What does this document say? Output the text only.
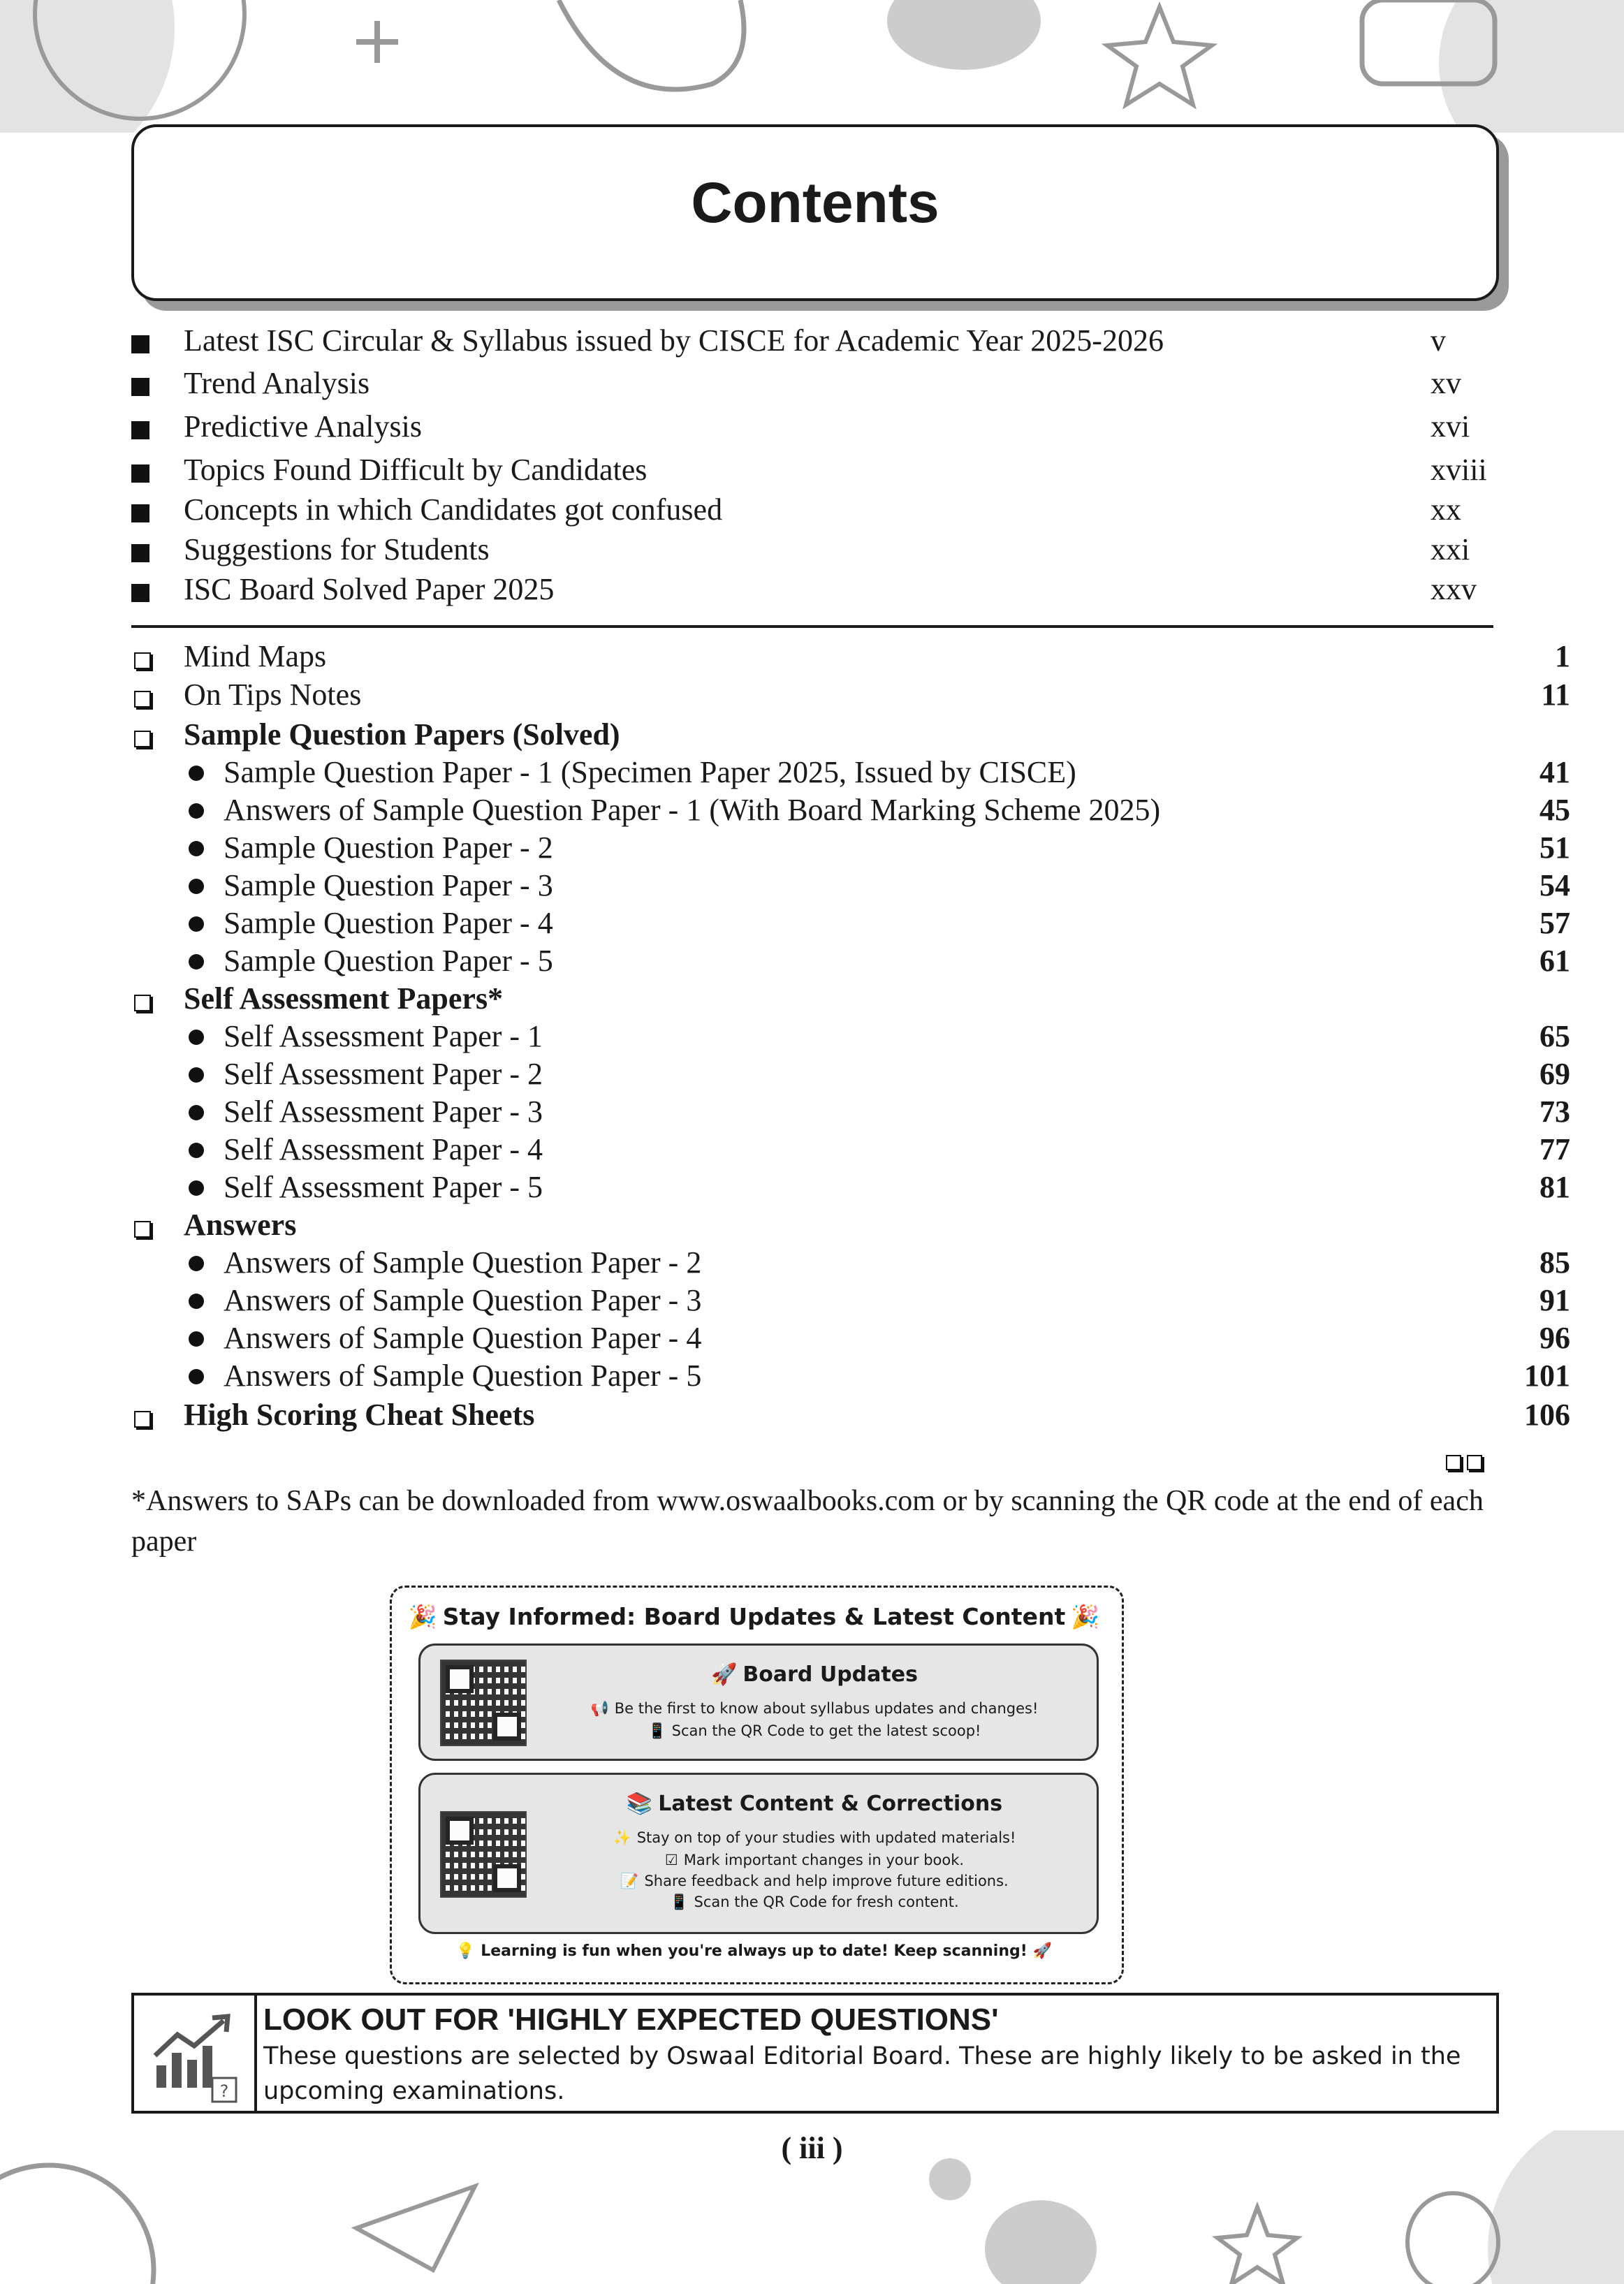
Contents
Latest ISC Circular & Syllabus issued by CISCE for Academic Year 2025-2026	v
Trend Analysis	xv
Predictive Analysis	xvi
Topics Found Difficult by Candidates	xviii
Concepts in which Candidates got confused	xx
Suggestions for Students	xxi
ISC Board Solved Paper 2025	xxv
Mind Maps	1
On Tips Notes	11
Sample Question Papers (Solved)
Sample Question Paper - 1 (Specimen Paper 2025, Issued by CISCE)	41
Answers of Sample Question Paper - 1 (With Board Marking Scheme 2025)	45
Sample Question Paper - 2	51
Sample Question Paper - 3	54
Sample Question Paper - 4	57
Sample Question Paper - 5	61
Self Assessment Papers*
Self Assessment Paper - 1	65
Self Assessment Paper - 2	69
Self Assessment Paper - 3	73
Self Assessment Paper - 4	77
Self Assessment Paper - 5	81
Answers
Answers of Sample Question Paper - 2	85
Answers of Sample Question Paper - 3	91
Answers of Sample Question Paper - 4	96
Answers of Sample Question Paper - 5	101
High Scoring Cheat Sheets	106
*Answers to SAPs can be downloaded from www.oswaalbooks.com or by scanning the QR code at the end of each paper
🎉 Stay Informed: Board Updates & Latest Content 🎉
🚀 Board Updates
📢 Be the first to know about syllabus updates and changes!
📱 Scan the QR Code to get the latest scoop!
📚 Latest Content & Corrections
✨ Stay on top of your studies with updated materials!
☑ Mark important changes in your book.
📝 Share feedback and help improve future editions.
📱 Scan the QR Code for fresh content.
💡 Learning is fun when you're always up to date! Keep scanning! 🚀
?
LOOK OUT FOR 'HIGHLY EXPECTED QUESTIONS'
These questions are selected by Oswaal Editorial Board. These are highly likely to be asked in the upcoming examinations.
( iii )
